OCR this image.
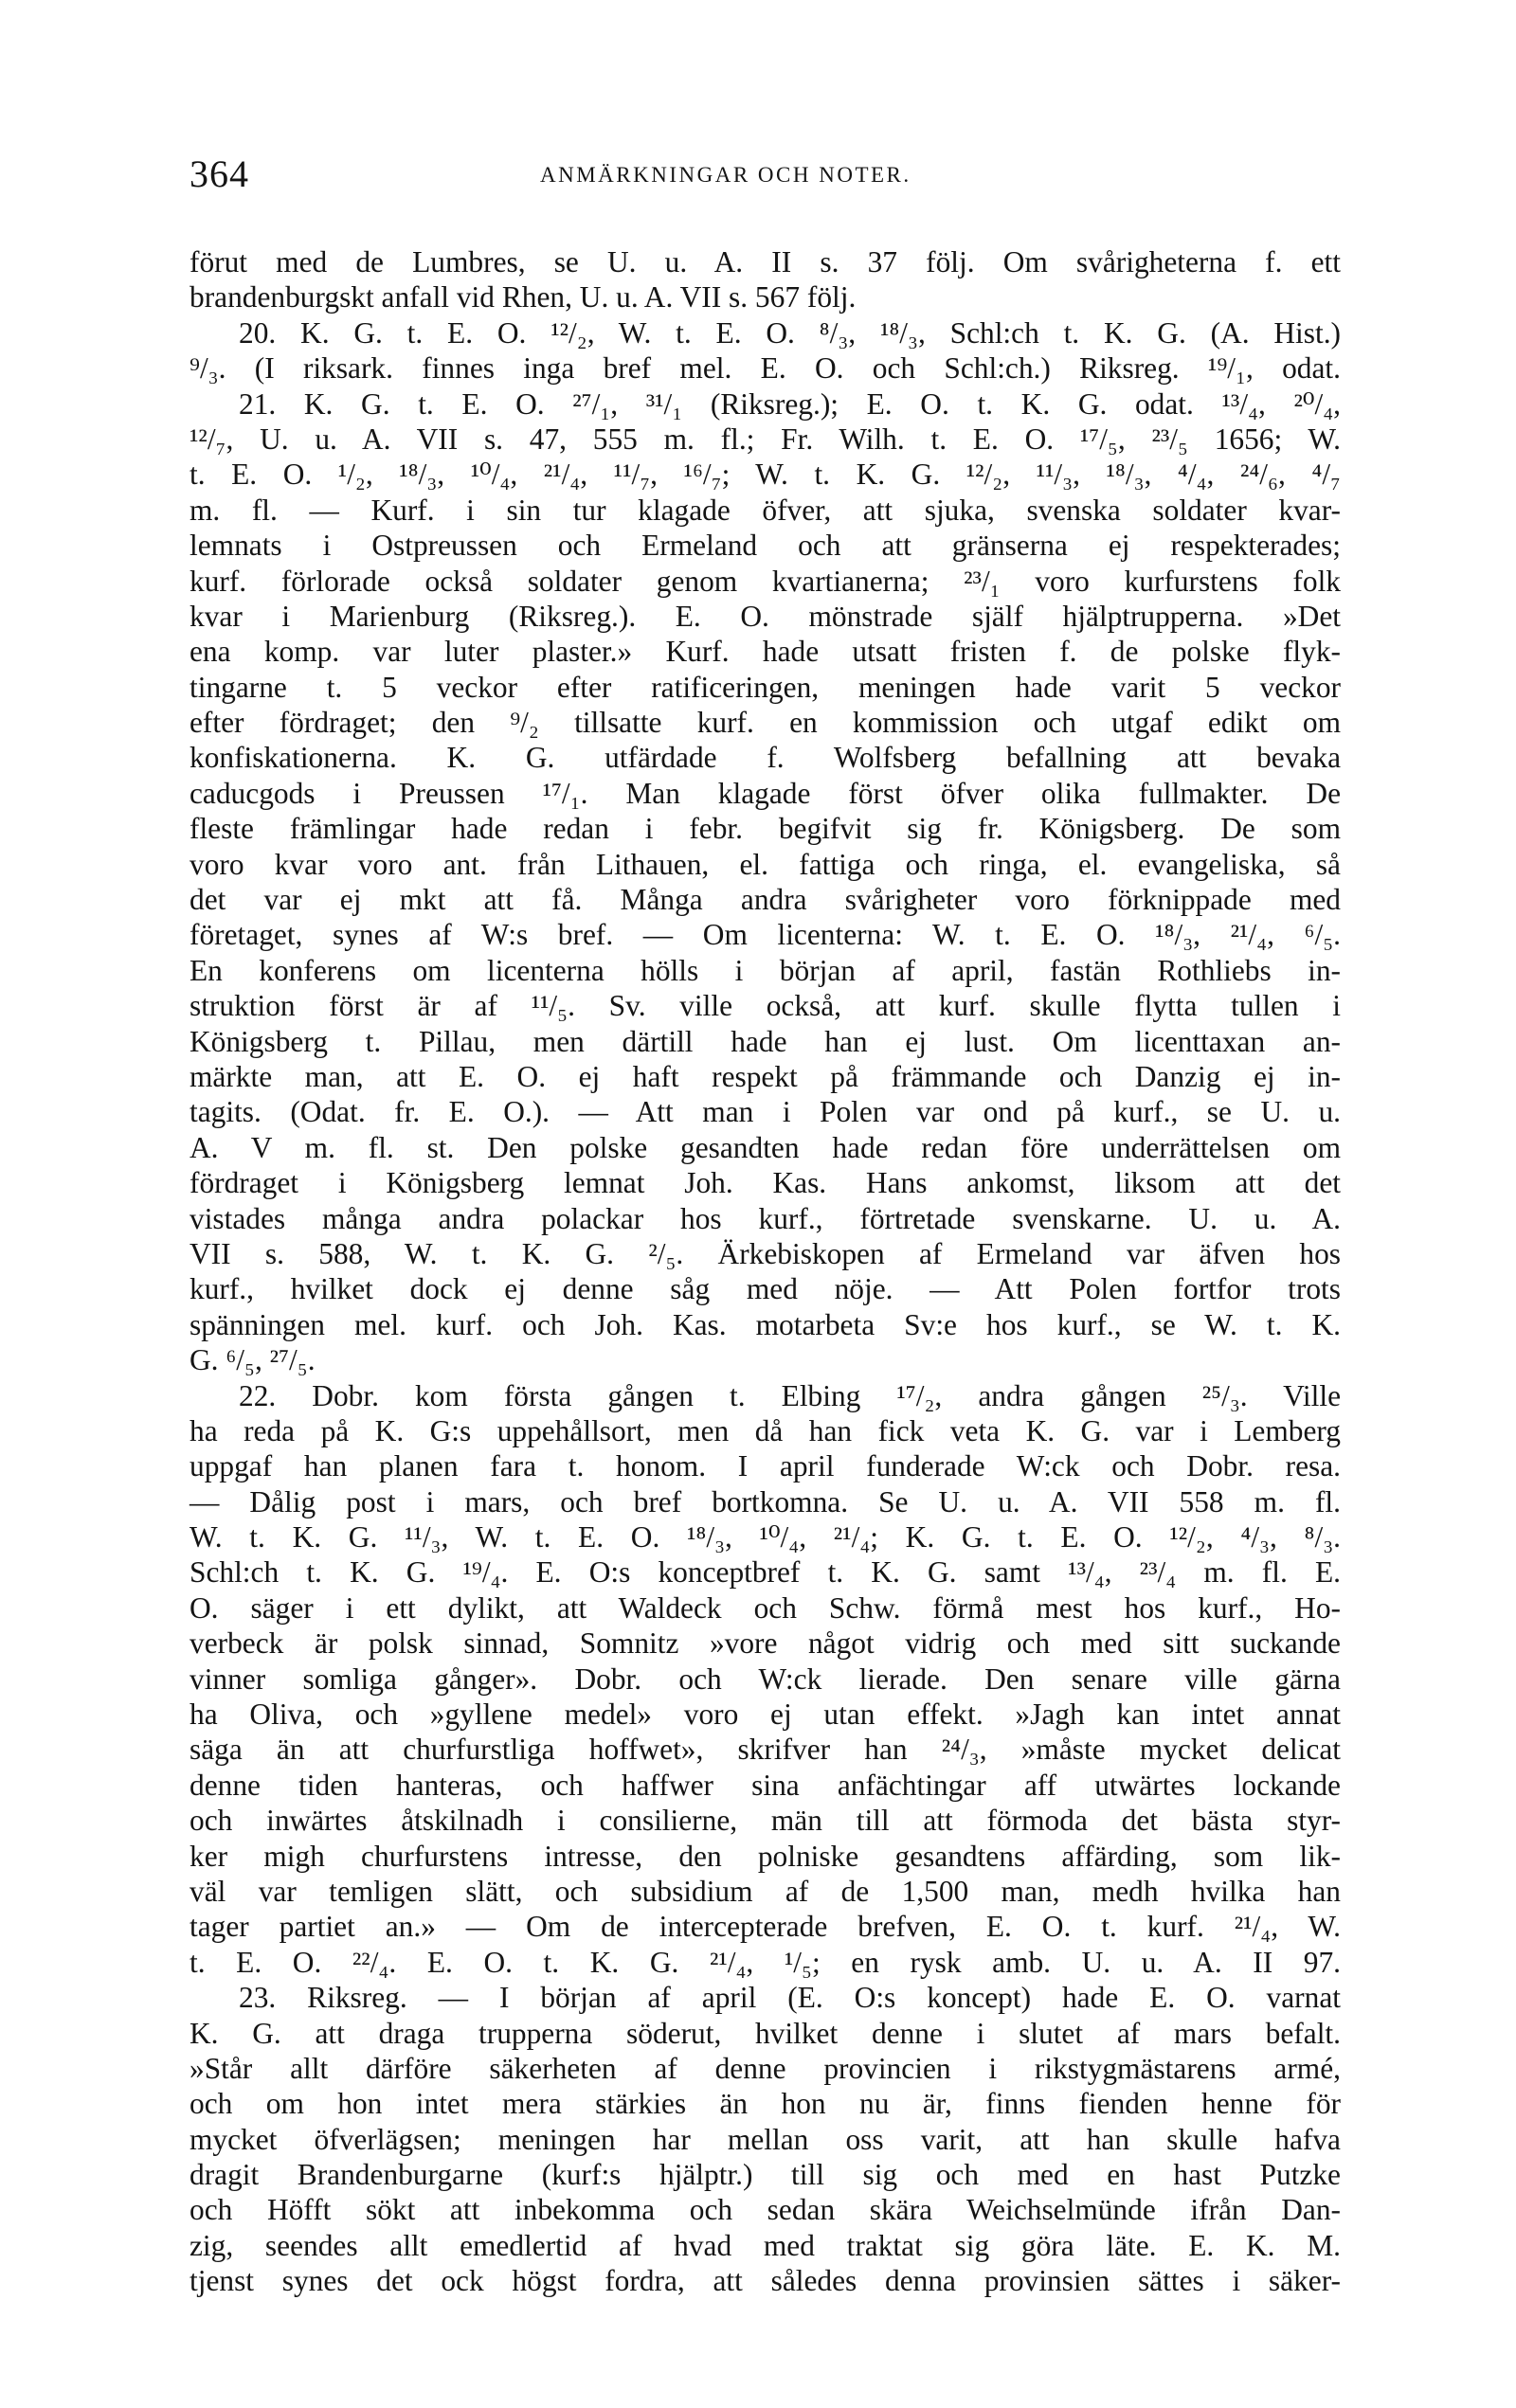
364	ANMÄRKNINGAR OCH NOTER.
förut med de Lumbres, se U. u. A. II s. 37 följ. Om svårigheterna f. ett
brandenburgskt anfall vid Rhen, U. u. A. VII s. 567 följ.
20. K. G. t. E. O. ¹²/₂, W. t. E. O. ⁸/₃, ¹⁸/₃, Schl:ch t. K. G. (A. Hist.)
⁹/₃. (I riksark. finnes inga bref mel. E. O. och Schl:ch.) Riksreg. ¹⁹/₁, odat.
21. K. G. t. E. O. ²⁷/₁, ³¹/₁ (Riksreg.); E. O. t. K. G. odat. ¹³/₄, ²⁰/₄,
¹²/₇, U. u. A. VII s. 47, 555 m. fl.; Fr. Wilh. t. E. O. ¹⁷/₅, ²³/₅ 1656; W.
t. E. O. ¹/₂, ¹⁸/₃, ¹⁰/₄, ²¹/₄, ¹¹/₇, ¹⁶/₇; W. t. K. G. ¹²/₂, ¹¹/₃, ¹⁸/₃, ⁴/₄, ²⁴/₆, ⁴/₇
m. fl. — Kurf. i sin tur klagade öfver, att sjuka, svenska soldater kvar-
lemnats i Ostpreussen och Ermeland och att gränserna ej respekterades;
kurf. förlorade också soldater genom kvartianerna; ²³/₁ voro kurfurstens folk
kvar i Marienburg (Riksreg.). E. O. mönstrade själf hjälptrupperna. »Det
ena komp. var luter plaster.» Kurf. hade utsatt fristen f. de polske flyk-
tingarne t. 5 veckor efter ratificeringen, meningen hade varit 5 veckor
efter fördraget; den ⁹/₂ tillsatte kurf. en kommission och utgaf edikt om
konfiskationerna. K. G. utfärdade f. Wolfsberg befallning att bevaka
caducgods i Preussen ¹⁷/₁. Man klagade först öfver olika fullmakter. De
fleste främlingar hade redan i febr. begifvit sig fr. Königsberg. De som
voro kvar voro ant. från Lithauen, el. fattiga och ringa, el. evangeliska, så
det var ej mkt att få. Många andra svårigheter voro förknippade med
företaget, synes af W:s bref. — Om licenterna: W. t. E. O. ¹⁸/₃, ²¹/₄, ⁶/₅.
En konferens om licenterna hölls i början af april, fastän Rothliebs in-
struktion först är af ¹¹/₅. Sv. ville också, att kurf. skulle flytta tullen i
Königsberg t. Pillau, men därtill hade han ej lust. Om licenttaxan an-
märkte man, att E. O. ej haft respekt på främmande och Danzig ej in-
tagits. (Odat. fr. E. O.). — Att man i Polen var ond på kurf., se U. u.
A. V m. fl. st. Den polske gesandten hade redan före underrättelsen om
fördraget i Königsberg lemnat Joh. Kas. Hans ankomst, liksom att det
vistades många andra polackar hos kurf., förtretade svenskarne. U. u. A.
VII s. 588, W. t. K. G. ²/₅. Ärkebiskopen af Ermeland var äfven hos
kurf., hvilket dock ej denne såg med nöje. — Att Polen fortfor trots
spänningen mel. kurf. och Joh. Kas. motarbeta Sv:e hos kurf., se W. t. K.
G. ⁶/₅, ²⁷/₅.
22. Dobr. kom första gången t. Elbing ¹⁷/₂, andra gången ²⁵/₃. Ville
ha reda på K. G:s uppehållsort, men då han fick veta K. G. var i Lemberg
uppgaf han planen fara t. honom. I april funderade W:ck och Dobr. resa.
— Dålig post i mars, och bref bortkomna. Se U. u. A. VII 558 m. fl.
W. t. K. G. ¹¹/₃, W. t. E. O. ¹⁸/₃, ¹⁰/₄, ²¹/₄; K. G. t. E. O. ¹²/₂, ⁴/₃, ⁸/₃.
Schl:ch t. K. G. ¹⁹/₄. E. O:s konceptbref t. K. G. samt ¹³/₄, ²³/₄ m. fl. E.
O. säger i ett dylikt, att Waldeck och Schw. förmå mest hos kurf., Ho-
verbeck är polsk sinnad, Somnitz »vore något vidrig och med sitt suckande
vinner somliga gånger». Dobr. och W:ck lierade. Den senare ville gärna
ha Oliva, och »gyllene medel» voro ej utan effekt. »Jagh kan intet annat
säga än att churfurstliga hoffwet», skrifver han ²⁴/₃, »måste mycket delicat
denne tiden hanteras, och haffwer sina anfächtingar aff utwärtes lockande
och inwärtes åtskilnadh i consilierne, män till att förmoda det bästa styr-
ker migh churfurstens intresse, den polniske gesandtens affärding, som lik-
väl var temligen slätt, och subsidium af de 1,500 man, medh hvilka han
tager partiet an.» — Om de intercepterade brefven, E. O. t. kurf. ²¹/₄, W.
t. E. O. ²²/₄. E. O. t. K. G. ²¹/₄, ¹/₅; en rysk amb. U. u. A. II 97.
23. Riksreg. — I början af april (E. O:s koncept) hade E. O. varnat
K. G. att draga trupperna söderut, hvilket denne i slutet af mars befalt.
»Står allt därföre säkerheten af denne provincien i rikstygmästarens armé,
och om hon intet mera stärkies än hon nu är, finns fienden henne för
mycket öfverlägsen; meningen har mellan oss varit, att han skulle hafva
dragit Brandenburgarne (kurf:s hjälptr.) till sig och med en hast Putzke
och Höfft sökt att inbekomma och sedan skära Weichselmünde ifrån Dan-
zig, seendes allt emedlertid af hvad med traktat sig göra läte. E. K. M.
tjenst synes det ock högst fordra, att således denna provinsien sättes i säker-
